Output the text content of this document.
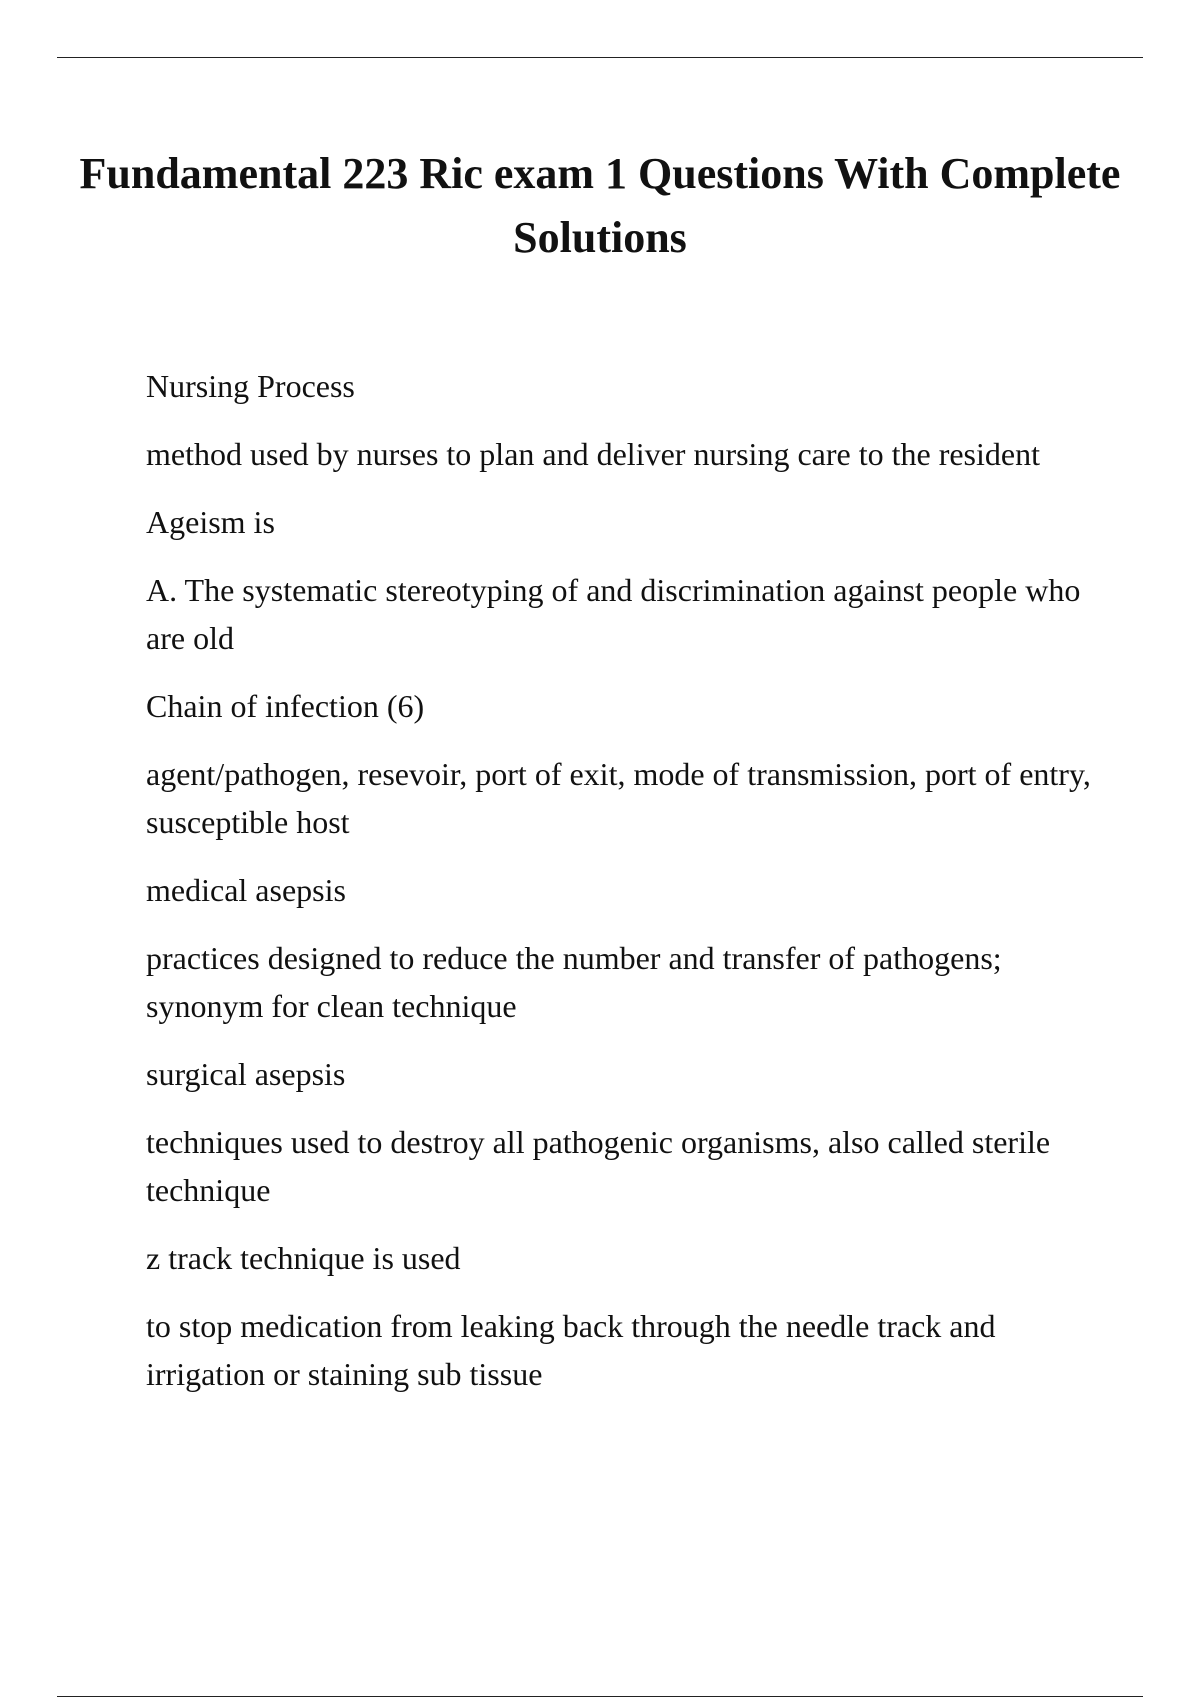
Fundamental 223 Ric exam 1 Questions With Complete Solutions

Nursing Process

method used by nurses to plan and deliver nursing care to the resident

Ageism is

A. The systematic stereotyping of and discrimination against people who are old

Chain of infection (6)

agent/pathogen, resevoir, port of exit, mode of transmission, port of entry, susceptible host

medical asepsis

practices designed to reduce the number and transfer of pathogens; synonym for clean technique

surgical asepsis

techniques used to destroy all pathogenic organisms, also called sterile technique

z track technique is used

to stop medication from leaking back through the needle track and irrigation or staining sub tissue
